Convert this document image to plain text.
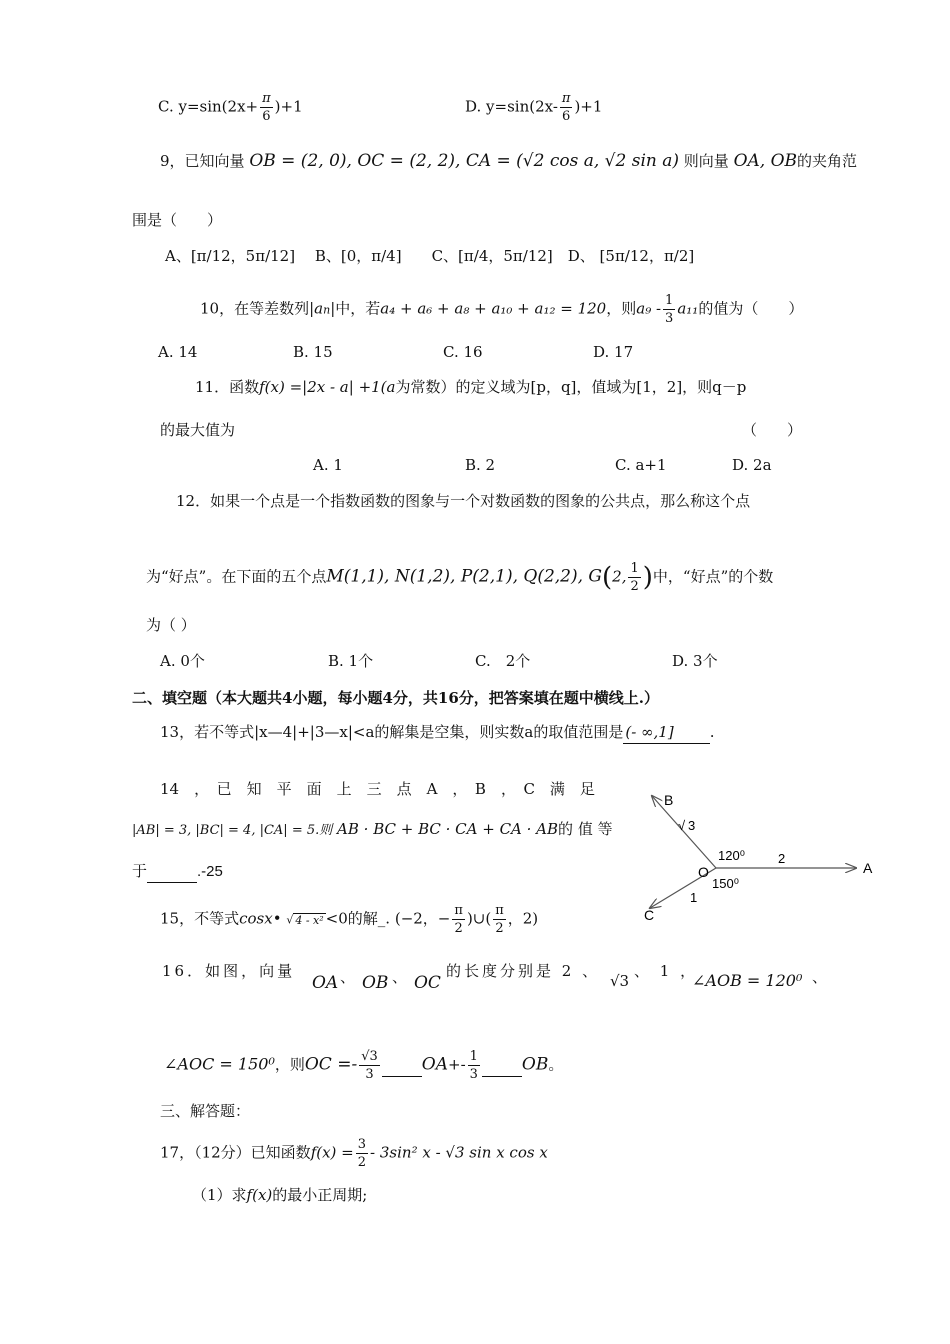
C. $y=\sin(2x+ \frac{\pi}{6} )+1$	D. $y=\sin(2x- \frac{\pi}{6} )+1$
9，已知向量 OB = (2, 0), OC = (2, 2), CA = (√2 cos a, √2 sin a) 则向量 OA, OB的夹角范
围是（　　）
A、[π/12，5π/12]　 B、[0，π/4]　　C、[π/4，5π/12]　D、 [5π/12，π/2]
10，在等差数列|an|中，若a₄ + a₆ + a₈ + a₁₀ + a₁₂ = 120，则$a_9 - \frac{1}{3} a_{11}$的值为（　　）
A. 14	B. 15	C. 16	D. 17
11．函数f(x) =|2x - a| +1(a为常数）的定义域为[p，q]，值域为[1，2]，则q－p
的最大值为	（　　）
A. 1	B. 2	C. a+1	D. 2a
12．如果一个点是一个指数函数的图象与一个对数函数的图象的公共点，那么称这个点
为“好点”。在下面的五个点M(1,1), N(1,2), P(2,1), Q(2,2), G(2, $\frac{1}{2}$ )中，“好点”的个数
为（ ）
A. 0个	B. 1个	C.　2个	D. 3个
二、填空题（本大题共4小题，每小题4分，共16分，把答案填在题中横线上.）
13，若不等式|x—4|+|3—x|<a的解集是空集，则实数a的取值范围是 (- ∞,1] .
14　，　已　知　平　面　上　三　点　A　，　B　，　C　满　足
|AB| = 3, |BC| = 4, |CA| = 5.则 AB · BC + BC · CA + CA · AB的 值 等
于	.-25
B
A
C
O
√ 3
2
1
120⁰
150⁰
15，不等式cosx• √ 4 - x² <0的解_. (−2，− $\frac{\pi}{2}$ )∪( $\frac{\pi}{2}$ ，2)
16．如图，向量
OA 、 OB 、 OC
的长度分别是 2 、
√3
、 1 ，
∠AOB = 120⁰ 、
∠AOC = 150⁰，则OC =- $\frac{√3}{3} OA+- \frac{1}{3}$ OB。
三、解答题：
17，（12分）已知函数$f(x) = \frac{3}{2} - 3\sin^2$ x - √3 sin x cos x
（1）求f(x)的最小正周期;
